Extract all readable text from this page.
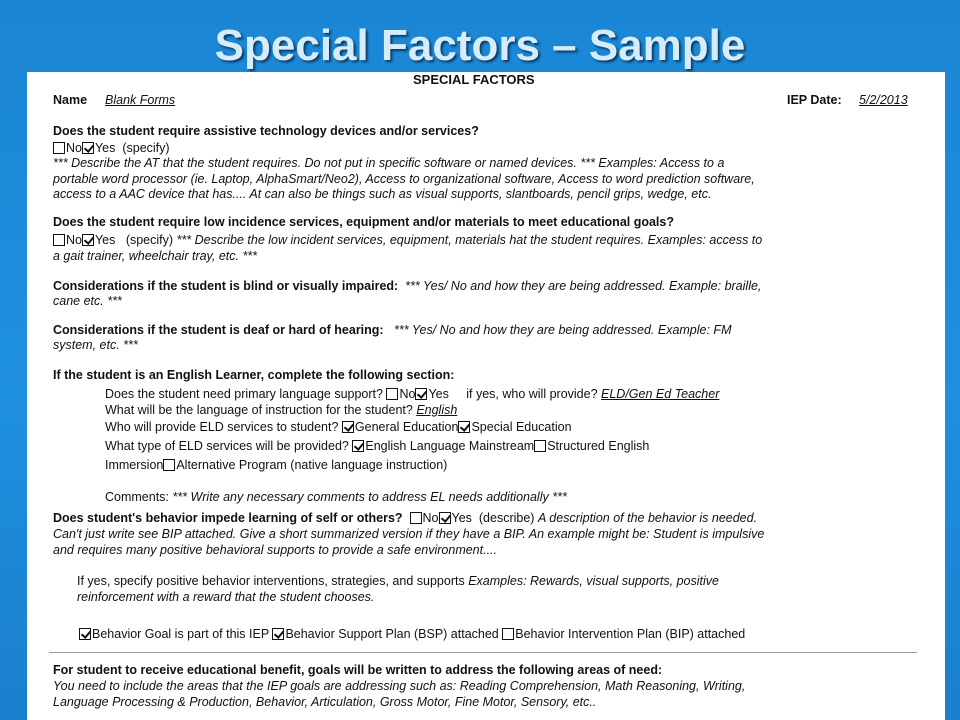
Special Factors – Sample
SPECIAL FACTORS
Name Blank Forms	IEP Date: 5/2/2013
Does the student require assistive technology devices and/or services?
No Yes (specify)
*** Describe the AT that the student requires. Do not put in specific software or named devices. *** Examples: Access to a
portable word processor (ie. Laptop, AlphaSmart/Neo2), Access to organizational software, Access to word prediction software,
access to a AAC device that has.... At can also be things such as visual supports, slantboards, pencil grips, wedge, etc.
Does the student require low incidence services, equipment and/or materials to meet educational goals?
No Yes (specify) *** Describe the low incident services, equipment, materials hat the student requires. Examples: access to
a gait trainer, wheelchair tray, etc. ***
Considerations if the student is blind or visually impaired: *** Yes/ No and how they are being addressed. Example: braille,
cane etc. ***
Considerations if the student is deaf or hard of hearing: *** Yes/ No and how they are being addressed. Example: FM
system, etc. ***
If the student is an English Learner, complete the following section:
Does the student need primary language support? No Yes if yes, who will provide? ELD/Gen Ed Teacher
What will be the language of instruction for the student? English
Who will provide ELD services to student? General Education Special Education
What type of ELD services will be provided? English Language Mainstream Structured English
Immersion Alternative Program (native language instruction)
Comments: *** Write any necessary comments to address EL needs additionally ***
Does student's behavior impede learning of self or others? No Yes (describe) A description of the behavior is needed.
Can't just write see BIP attached. Give a short summarized version if they have a BIP. An example might be: Student is impulsive
and requires many positive behavioral supports to provide a safe environment....
If yes, specify positive behavior interventions, strategies, and supports Examples: Rewards, visual supports, positive
reinforcement with a reward that the student chooses.
Behavior Goal is part of this IEP Behavior Support Plan (BSP) attached Behavior Intervention Plan (BIP) attached
For student to receive educational benefit, goals will be written to address the following areas of need:
You need to include the areas that the IEP goals are addressing such as: Reading Comprehension, Math Reasoning, Writing,
Language Processing & Production, Behavior, Articulation, Gross Motor, Fine Motor, Sensory, etc..
